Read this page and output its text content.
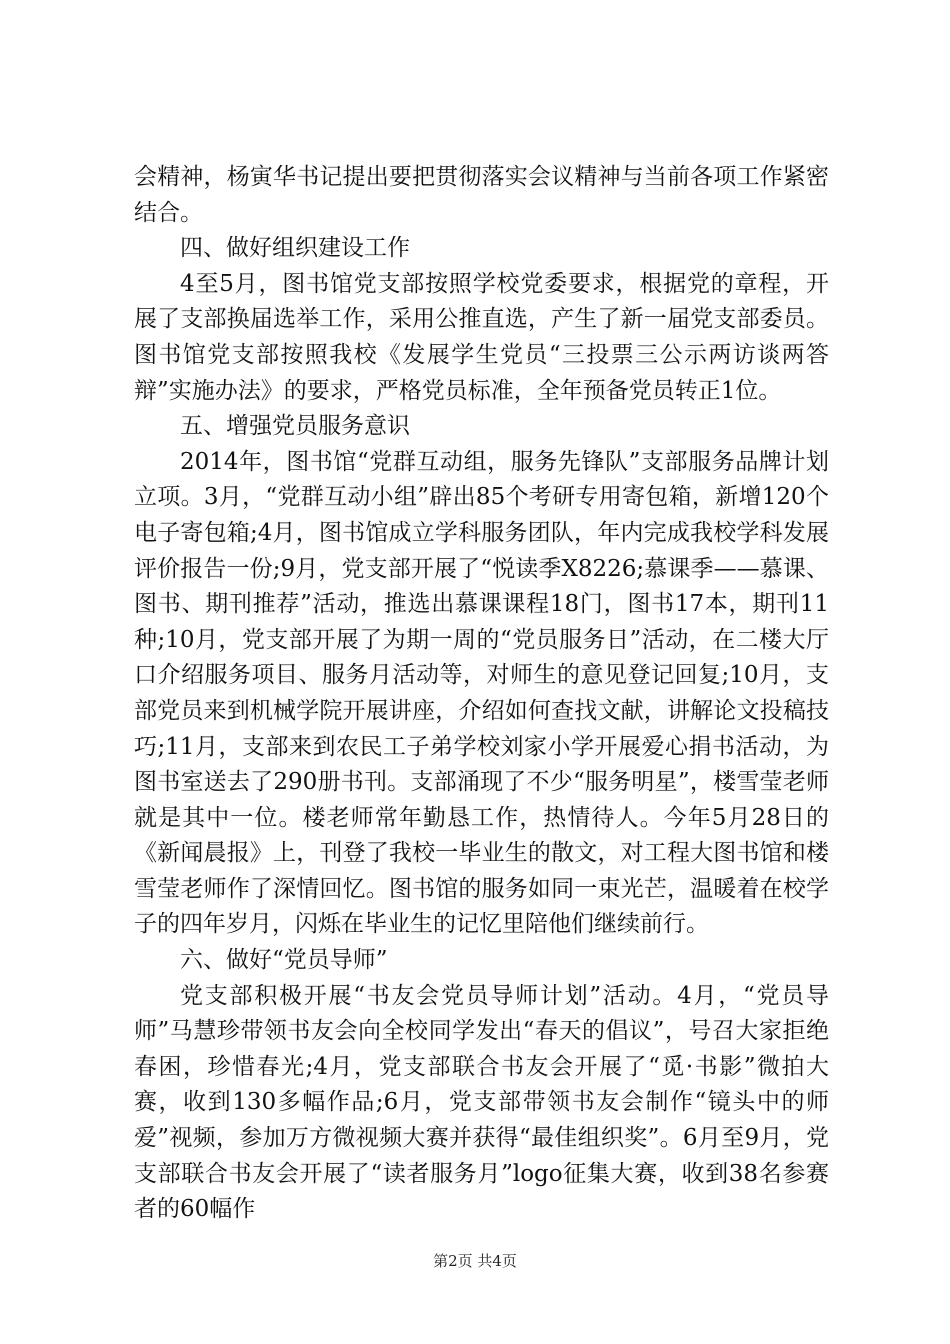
会精神，杨寅华书记提出要把贯彻落实会议精神与当前各项工作紧密结合。

四、做好组织建设工作

4至5月，图书馆党支部按照学校党委要求，根据党的章程，开展了支部换届选举工作，采用公推直选，产生了新一届党支部委员。图书馆党支部按照我校《发展学生党员“三投票三公示两访谈两答辩”实施办法》的要求，严格党员标准，全年预备党员转正1位。

五、增强党员服务意识

2014年，图书馆“党群互动组，服务先锋队”支部服务品牌计划立项。3月，“党群互动小组”辟出85个考研专用寄包箱，新增120个电子寄包箱;4月，图书馆成立学科服务团队，年内完成我校学科发展评价报告一份;9月，党支部开展了“悦读季X8226;慕课季——慕课、图书、期刊推荐”活动，推选出慕课课程18门，图书17本，期刊11种;10月，党支部开展了为期一周的“党员服务日”活动，在二楼大厅口介绍服务项目、服务月活动等，对师生的意见登记回复;10月，支部党员来到机械学院开展讲座，介绍如何查找文献，讲解论文投稿技巧;11月，支部来到农民工子弟学校刘家小学开展爱心捐书活动，为图书室送去了290册书刊。支部涌现了不少“服务明星”，楼雪莹老师就是其中一位。楼老师常年勤恳工作，热情待人。今年5月28日的《新闻晨报》上，刊登了我校一毕业生的散文，对工程大图书馆和楼雪莹老师作了深情回忆。图书馆的服务如同一束光芒，温暖着在校学子的四年岁月，闪烁在毕业生的记忆里陪他们继续前行。

六、做好“党员导师”

党支部积极开展“书友会党员导师计划”活动。4月，“党员导师”马慧珍带领书友会向全校同学发出“春天的倡议”，号召大家拒绝春困，珍惜春光;4月，党支部联合书友会开展了“觅·书影”微拍大赛，收到130多幅作品;6月，党支部带领书友会制作“镜头中的师爱”视频，参加万方微视频大赛并获得“最佳组织奖”。6月至9月，党支部联合书友会开展了“读者服务月”logo征集大赛，收到38名参赛者的60幅作

第2页 共4页
